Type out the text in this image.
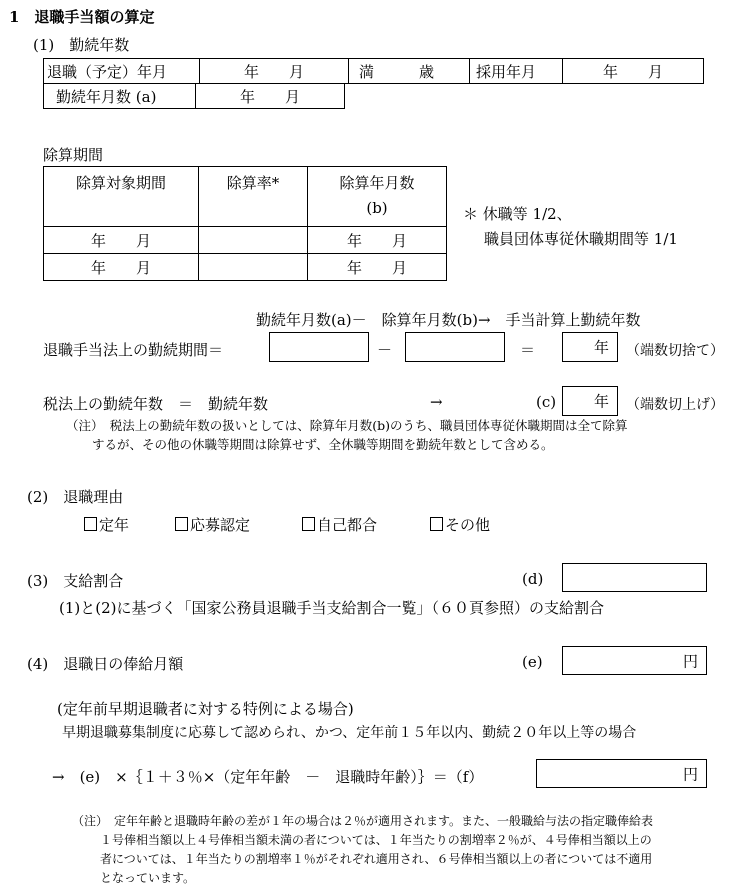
1　退職手当額の算定
(1)　勤続年数
退職（予定）年月	年　　月	満　　　歳	採用年月	年　　月
勤続年月数 (a)	年　　月
除算期間
除算対象期間	除算率*	除算年月数
(b)

年　　月		年　　月
年　　月		年　　月
＊ 休職等 1/2、
職員団体専従休職期間等 1/1
勤続年月数(a)－　除算年月数(b)→　手当計算上勤続年数
退職手当法上の勤続期間＝	－	＝	年 （端数切捨て）
税法上の勤続年数　＝　勤続年数	→	(c)	年 （端数切上げ）
（注）　税法上の勤続年数の扱いとしては、除算年月数(b)のうち、職員団体専従休職期間は全て除算
するが、その他の休職等期間は除算せず、全休職等期間を勤続年数として含める。
(2)　退職理由
定年	応募認定	自己都合	その他
(3)　支給割合	(d)
(1)と(2)に基づく「国家公務員退職手当支給割合一覧」（６０頁参照）の支給割合
(4)　退職日の俸給月額	(e)	円
(定年前早期退職者に対する特例による場合)
早期退職募集制度に応募して認められ、かつ、定年前１５年以内、勤続２０年以上等の場合
→　(e)　×｛１＋３％×（定年年齢　－　退職時年齢）｝＝（f）	円
（注）　定年年齢と退職時年齢の差が１年の場合は２％が適用されます。また、一般職給与法の指定職俸給表
１号俸相当額以上４号俸相当額未満の者については、１年当たりの割増率２％が、４号俸相当額以上の
者については、１年当たりの割増率１％がそれぞれ適用され、６号俸相当額以上の者については不適用
となっています。
